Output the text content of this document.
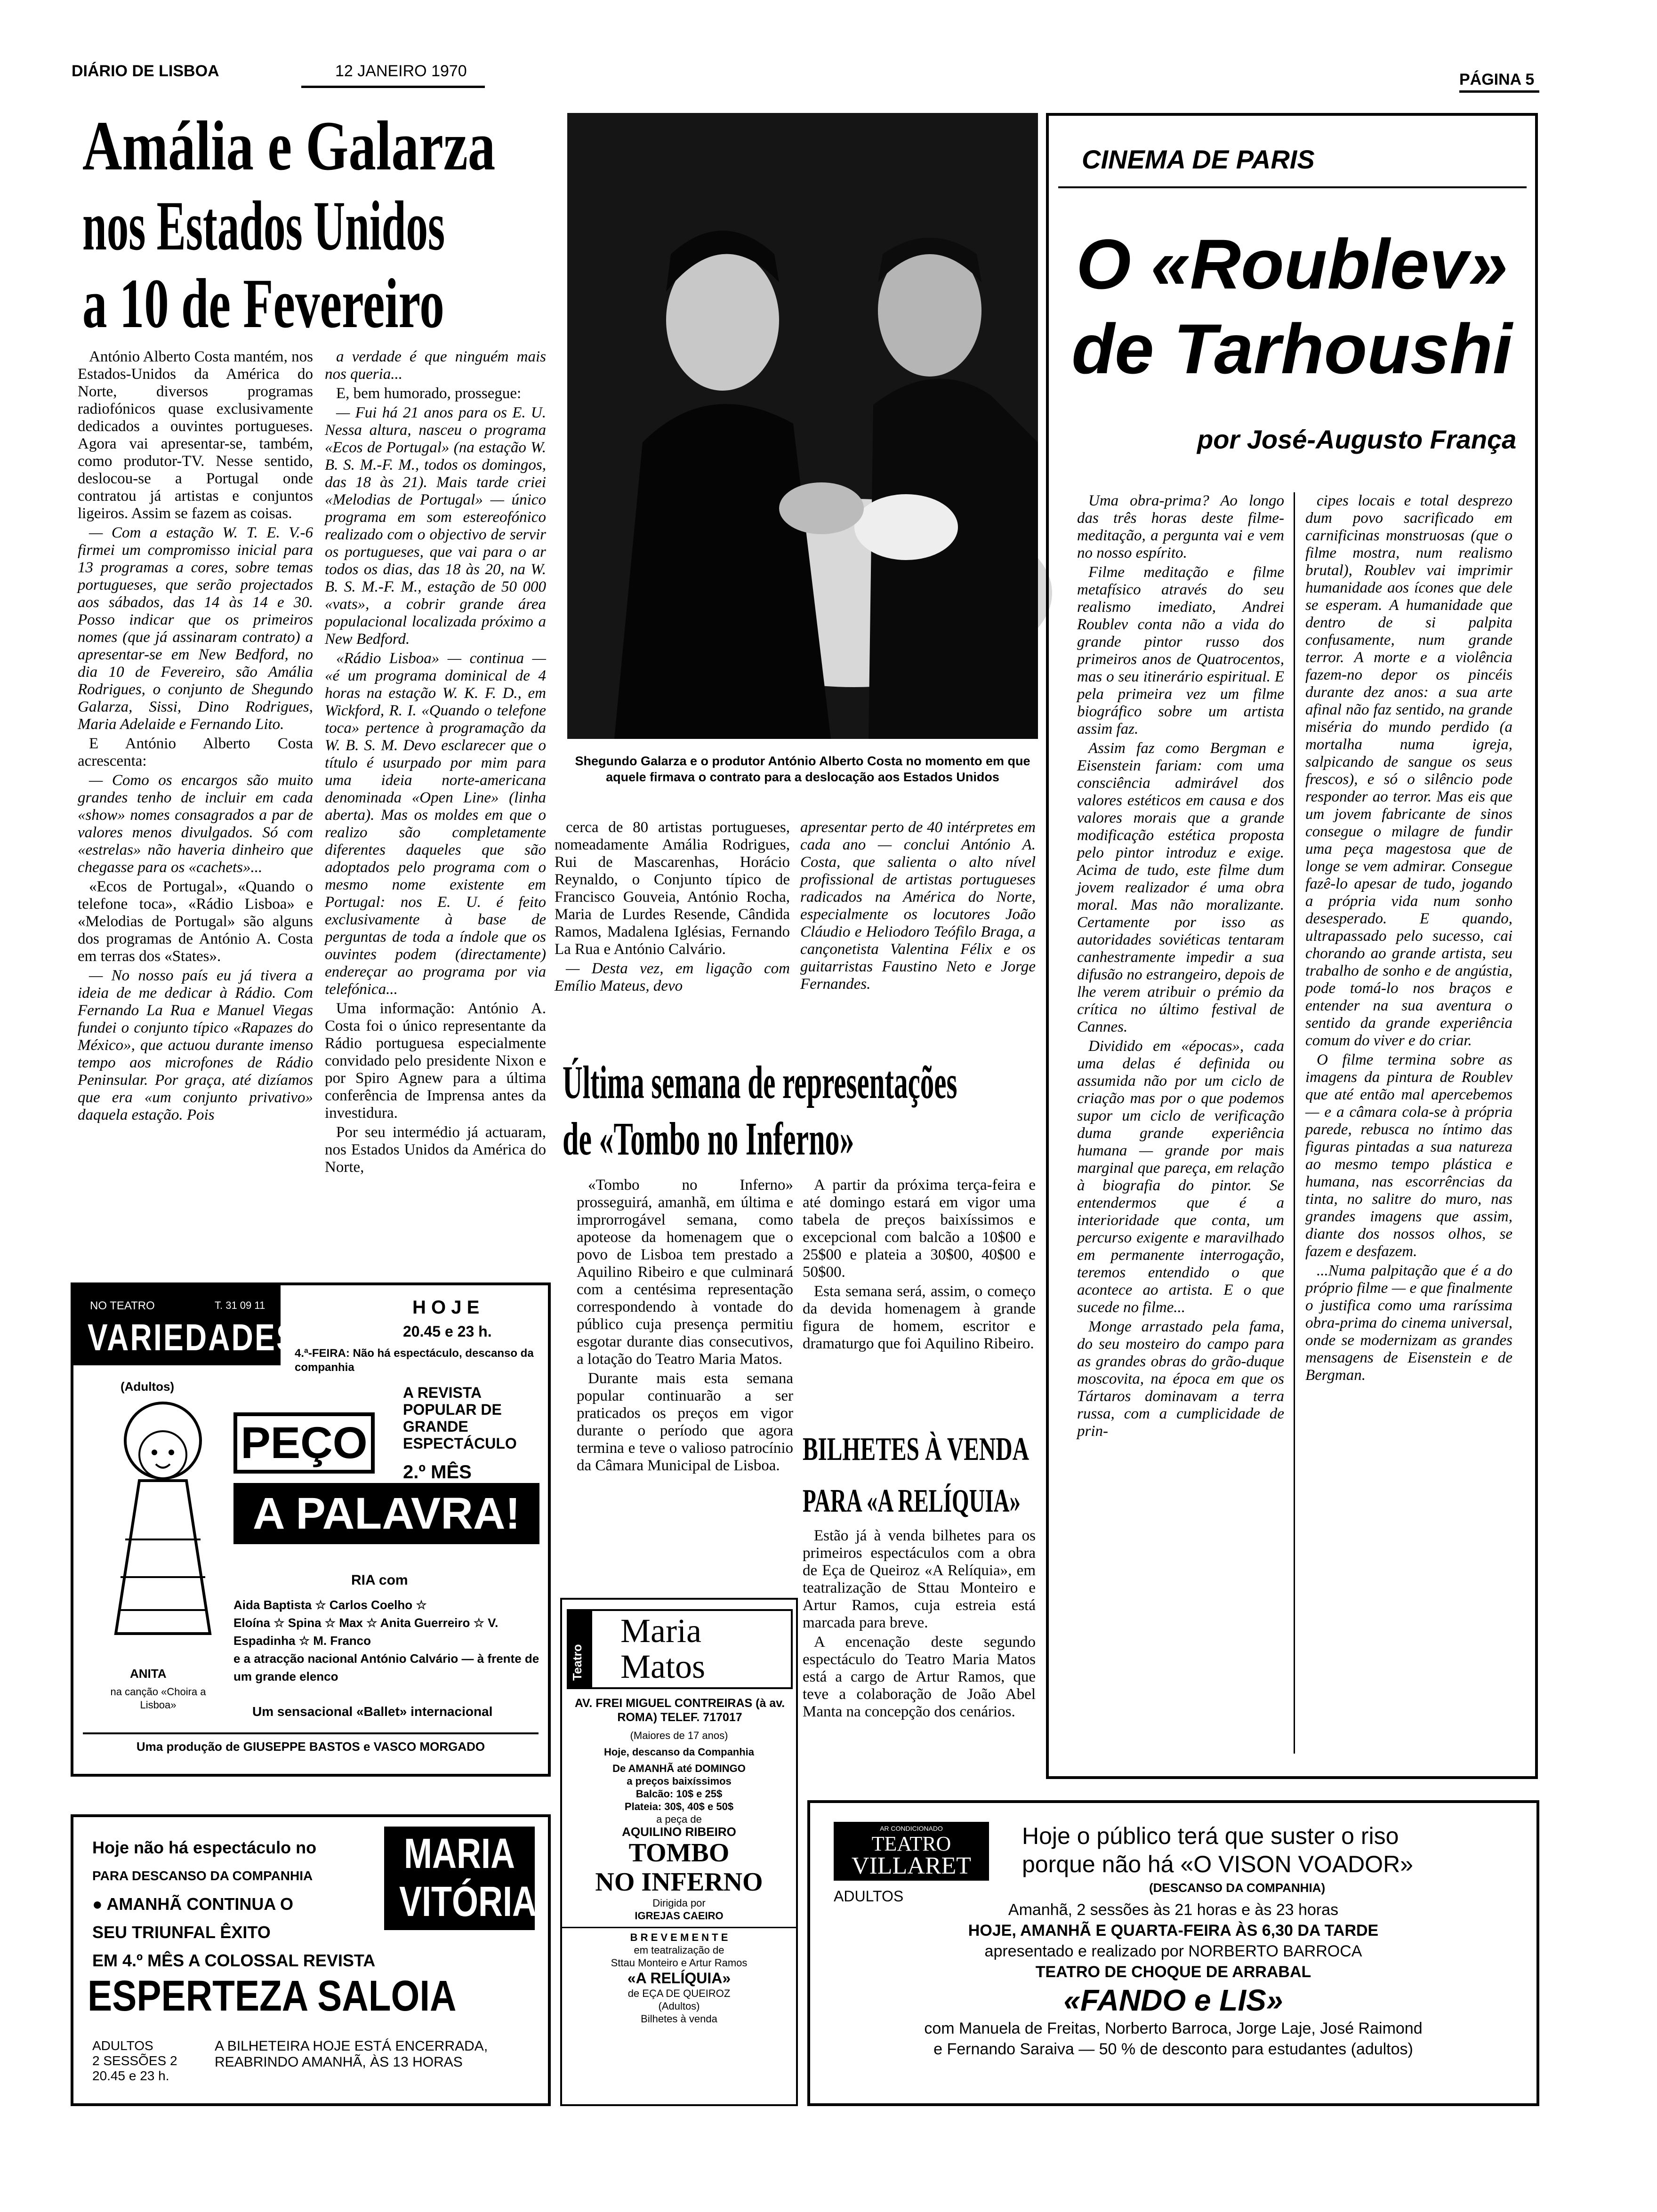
DIÁRIO DE LISBOA	12 JANEIRO 1970	PÁGINA 5
Amália e Galarza
nos Estados Unidos
a 10 de Fevereiro

António Alberto Costa mantém, nos Estados-Unidos da América do Norte, diversos programas radiofónicos quase exclusivamente dedicados a ouvintes portugueses. Agora vai apresentar-se, também, como produtor-TV. Nesse sentido, deslocou-se a Portugal onde contratou já artistas e conjuntos ligeiros. Assim se fazem as coisas.

— Com a estação W. T. E. V.-6 firmei um compromisso inicial para 13 programas a cores, sobre temas portugueses, que serão projectados aos sábados, das 14 às 14 e 30. Posso indicar que os primeiros nomes (que já assinaram contrato) a apresentar-se em New Bedford, no dia 10 de Fevereiro, são Amália Rodrigues, o conjunto de Shegundo Galarza, Sissi, Dino Rodrigues, Maria Adelaide e Fernando Lito.

E António Alberto Costa acrescenta:

— Como os encargos são muito grandes tenho de incluir em cada «show» nomes consagrados a par de valores menos divulgados. Só com «estrelas» não haveria dinheiro que chegasse para os «cachets»...

«Ecos de Portugal», «Quando o telefone toca», «Rádio Lisboa» e «Melodias de Portugal» são alguns dos programas de António A. Costa em terras dos «States».

— No nosso país eu já tivera a ideia de me dedicar à Rádio. Com Fernando La Rua e Manuel Viegas fundei o conjunto típico «Rapazes do México», que actuou durante imenso tempo aos microfones de Rádio Peninsular. Por graça, até dizíamos que era «um conjunto privativo» daquela estação. Pois

a verdade é que ninguém mais nos queria...

E, bem humorado, prossegue:

— Fui há 21 anos para os E. U. Nessa altura, nasceu o programa «Ecos de Portugal» (na estação W. B. S. M.-F. M., todos os domingos, das 18 às 21). Mais tarde criei «Melodias de Portugal» — único programa em som estereofónico realizado com o objectivo de servir os portugueses, que vai para o ar todos os dias, das 18 às 20, na W. B. S. M.-F. M., estação de 50 000 «vats», a cobrir grande área populacional localizada próximo a New Bedford.

«Rádio Lisboa» — continua — «é um programa dominical de 4 horas na estação W. K. F. D., em Wickford, R. I. «Quando o telefone toca» pertence à programação da W. B. S. M. Devo esclarecer que o título é usurpado por mim para uma ideia norte-americana denominada «Open Line» (linha aberta). Mas os moldes em que o realizo são completamente diferentes daqueles que são adoptados pelo programa com o mesmo nome existente em Portugal: nos E. U. é feito exclusivamente à base de perguntas de toda a índole que os ouvintes podem (directamente) endereçar ao programa por via telefónica...

Uma informação: António A. Costa foi o único representante da Rádio portuguesa especialmente convidado pelo presidente Nixon e por Spiro Agnew para a última conferência de Imprensa antes da investidura.

Por seu intermédio já actuaram, nos Estados Unidos da América do Norte,

Shegundo Galarza e o produtor António Alberto Costa no momento em que aquele firmava o contrato para a deslocação aos Estados Unidos

cerca de 80 artistas portugueses, nomeadamente Amália Rodrigues, Rui de Mascarenhas, Horácio Reynaldo, o Conjunto típico de Francisco Gouveia, António Rocha, Maria de Lurdes Resende, Cândida Ramos, Madalena Iglésias, Fernando La Rua e António Calvário.

— Desta vez, em ligação com Emílio Mateus, devo

apresentar perto de 40 intérpretes em cada ano — conclui António A. Costa, que salienta o alto nível profissional de artistas portugueses radicados na América do Norte, especialmente os locutores João Cláudio e Heliodoro Teófilo Braga, a cançonetista Valentina Félix e os guitarristas Faustino Neto e Jorge Fernandes.

Última semana de representações
de «Tombo no Inferno»

«Tombo no Inferno» prosseguirá, amanhã, em última e improrrogável semana, como apoteose da homenagem que o povo de Lisboa tem prestado a Aquilino Ribeiro e que culminará com a centésima representação correspondendo à vontade do público cuja presença permitiu esgotar durante dias consecutivos, a lotação do Teatro Maria Matos.

Durante mais esta semana popular continuarão a ser praticados os preços em vigor durante o período que agora termina e teve o valioso patrocínio da Câmara Municipal de Lisboa.

A partir da próxima terça-feira e até domingo estará em vigor uma tabela de preços baixíssimos e excepcional com balcão a 10$00 e 25$00 e plateia a 30$00, 40$00 e 50$00.

Esta semana será, assim, o começo da devida homenagem à grande figura de homem, escritor e dramaturgo que foi Aquilino Ribeiro.

BILHETES À VENDA
PARA «A RELÍQUIA»

Estão já à venda bilhetes para os primeiros espectáculos com a obra de Eça de Queiroz «A Relíquia», em teatralização de Sttau Monteiro e Artur Ramos, cuja estreia está marcada para breve.

A encenação deste segundo espectáculo do Teatro Maria Matos está a cargo de Artur Ramos, que teve a colaboração de João Abel Manta na concepção dos cenários.

CINEMA DE PARIS
O «Roublev»
de Tarhoushi
por José-Augusto França

Uma obra-prima? Ao longo das três horas deste filme-meditação, a pergunta vai e vem no nosso espírito.

Filme meditação e filme metafísico através do seu realismo imediato, Andrei Roublev conta não a vida do grande pintor russo dos primeiros anos de Quatrocentos, mas o seu itinerário espiritual. E pela primeira vez um filme biográfico sobre um artista assim faz.

Assim faz como Bergman e Eisenstein fariam: com uma consciência admirável dos valores estéticos em causa e dos valores morais que a grande modificação estética proposta pelo pintor introduz e exige. Acima de tudo, este filme dum jovem realizador é uma obra moral. Mas não moralizante. Certamente por isso as autoridades soviéticas tentaram canhestramente impedir a sua difusão no estrangeiro, depois de lhe verem atribuir o prémio da crítica no último festival de Cannes.

Dividido em «épocas», cada uma delas é definida ou assumida não por um ciclo de criação mas por o que podemos supor um ciclo de verificação duma grande experiência humana — grande por mais marginal que pareça, em relação à biografia do pintor. Se entendermos que é a interioridade que conta, um percurso exigente e maravilhado em permanente interrogação, teremos entendido o que acontece ao artista. E o que sucede no filme...

Monge arrastado pela fama, do seu mosteiro do campo para as grandes obras do grão-duque moscovita, na época em que os Tártaros dominavam a terra russa, com a cumplicidade de prin-

cipes locais e total desprezo dum povo sacrificado em carnificinas monstruosas (que o filme mostra, num realismo brutal), Roublev vai imprimir humanidade aos ícones que dele se esperam. A humanidade que dentro de si palpita confusamente, num grande terror. A morte e a violência fazem-no depor os pincéis durante dez anos: a sua arte afinal não faz sentido, na grande miséria do mundo perdido (a mortalha numa igreja, salpicando de sangue os seus frescos), e só o silêncio pode responder ao terror. Mas eis que um jovem fabricante de sinos consegue o milagre de fundir uma peça magestosa que de longe se vem admirar. Consegue fazê-lo apesar de tudo, jogando a própria vida num sonho desesperado. E quando, ultrapassado pelo sucesso, cai chorando ao grande artista, seu trabalho de sonho e de angústia, pode tomá-lo nos braços e entender na sua aventura o sentido da grande experiência comum do viver e do criar.

O filme termina sobre as imagens da pintura de Roublev que até então mal apercebemos — e a câmara cola-se à própria parede, rebusca no íntimo das figuras pintadas a sua natureza ao mesmo tempo plástica e humana, nas escorrências da tinta, no salitre do muro, nas grandes imagens que assim, diante dos nossos olhos, se fazem e desfazem.

...Numa palpitação que é a do próprio filme — e que finalmente o justifica como uma raríssima obra-prima do cinema universal, onde se modernizam as grandes mensagens de Eisenstein e de Bergman.

NO TEATRO	T. 31 09 11
VARIEDADES
H O J E
20.45 e 23 h.
4.ª-FEIRA: Não há espectáculo, descanso da companhia
(Adultos)	A REVISTA POPULAR DE GRANDE ESPECTÁCULO
2.º MÊS
PEÇO
A PALAVRA!
RIA com
Aida Baptista ☆ Carlos Coelho ☆
Eloína ☆ Spina ☆ Max ☆ Anita Guerreiro ☆ V. Espadinha ☆ M. Franco
e a atracção nacional António Calvário — à frente de um grande elenco
ANITA
na canção «Choira a Lisboa»	Um sensacional «Ballet» internacional
Uma produção de GIUSEPPE BASTOS e VASCO MORGADO
Teatro
Maria
Matos
AV. FREI MIGUEL CONTREIRAS (à av. ROMA) TELEF. 717017
(Maiores de 17 anos)
Hoje, descanso da Companhia
De AMANHÃ até DOMINGO
a preços baixíssimos
Balcão: 10$ e 25$
Plateia: 30$, 40$ e 50$
a peça de
AQUILINO RIBEIRO
TOMBO
NO INFERNO
Dirigida por
IGREJAS CAEIRO
B R E V E M E N T E
em teatralização de
Sttau Monteiro e Artur Ramos
«A RELÍQUIA»
de EÇA DE QUEIROZ
(Adultos)
Bilhetes à venda
Hoje não há espectáculo no
PARA DESCANSO DA COMPANHIA
● AMANHÃ CONTINUA O
SEU TRIUNFAL ÊXITO
EM 4.º MÊS A COLOSSAL REVISTA
MARIA
VITÓRIA
ESPERTEZA SALOIA
ADULTOS
2 SESSÕES 2
20.45 e 23 h.
A BILHETEIRA HOJE ESTÁ ENCERRADA, REABRINDO AMANHÃ, ÀS 13 HORAS
AR CONDICIONADO
TEATRO
VILLARET
ADULTOS
Hoje o público terá que suster o riso
porque não há «O VISON VOADOR»
(DESCANSO DA COMPANHIA)
Amanhã, 2 sessões às 21 horas e às 23 horas
HOJE, AMANHÃ E QUARTA-FEIRA ÀS 6,30 DA TARDE
apresentado e realizado por NORBERTO BARROCA
TEATRO DE CHOQUE DE ARRABAL
«FANDO e LIS»
com Manuela de Freitas, Norberto Barroca, Jorge Laje, José Raimond
e Fernando Saraiva — 50 % de desconto para estudantes (adultos)
